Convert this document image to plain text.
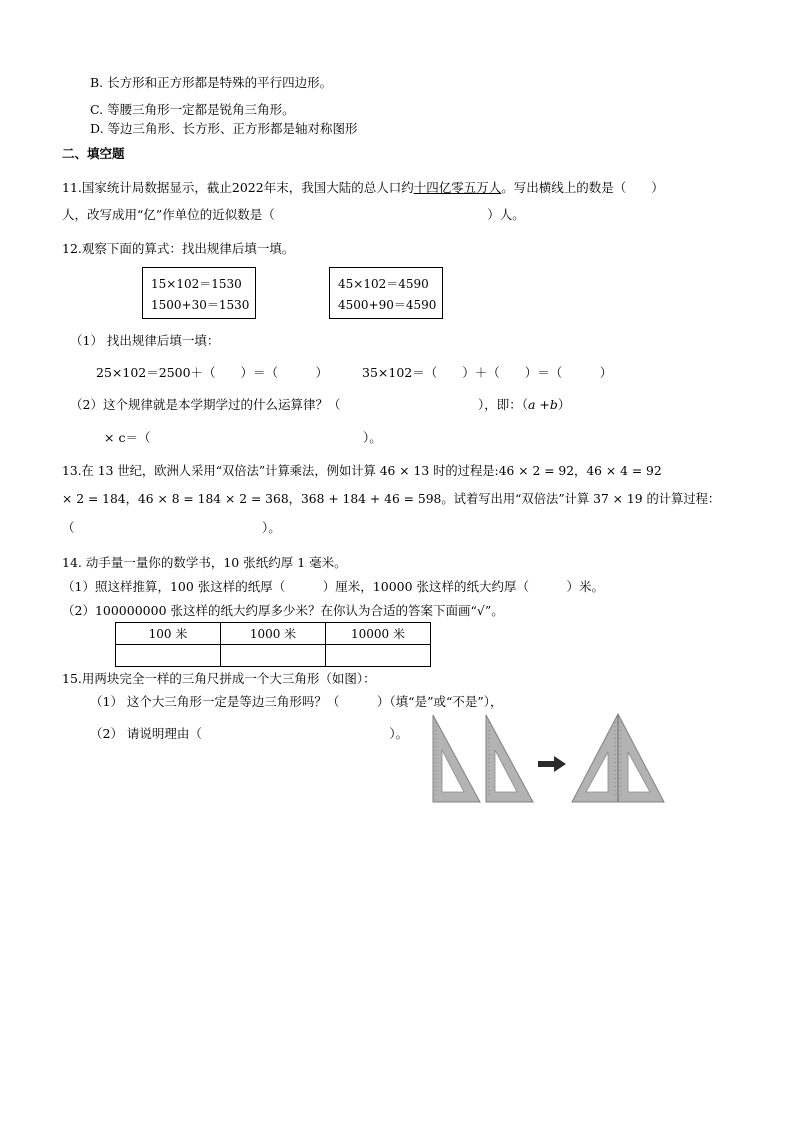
B. 长方形和正方形都是特殊的平行四边形。
C. 等腰三角形一定都是锐角三角形。
D. 等边三角形、长方形、正方形都是轴对称图形
二、填空题
11.国家统计局数据显示，截止2022年末，我国大陆的总人口约十四亿零五万人。写出横线上的数是（　　）
人，改写成用“亿”作单位的近似数是（　　　　　　　　　　　　　　　　　）人。
12.观察下面的算式：找出规律后填一填。
15×102＝1530
1500+30＝1530
45×102＝4590
4500+90＝4590
（1） 找出规律后填一填：
25×102＝2500＋（　　）＝（　　　）	35×102＝（　　）＋（　　）＝（　　　）
（2）这个规律就是本学期学过的什么运算律？（　　　　　　　　　　　），即：（a +b）
× c＝（　　　　　　　　　　　　　　　　　）。
13.在 13 世纪，欧洲人采用“双倍法”计算乘法，例如计算 46 × 13 时的过程是:46 × 2 = 92，46 × 4 = 92
× 2 = 184，46 × 8 = 184 × 2 = 368，368 + 184 + 46 = 598。试着写出用“双倍法”计算 37 × 19 的计算过程：
（　　　　　　　　　　　　　　　）。
14. 动手量一量你的数学书，10 张纸约厚 1 毫米。
（1）照这样推算，100 张这样的纸厚（　　　）厘米，10000 张这样的纸大约厚（　　　）米。
（2）100000000 张这样的纸大约厚多少米？在你认为合适的答案下面画“√”。
100 米	1000 米	10000 米

15.用两块完全一样的三角尺拼成一个大三角形（如图）：
（1） 这个大三角形一定是等边三角形吗？（　　　）（填“是”或“不是”），
（2） 请说明理由（　　　　　　　　　　　　　　　）。
